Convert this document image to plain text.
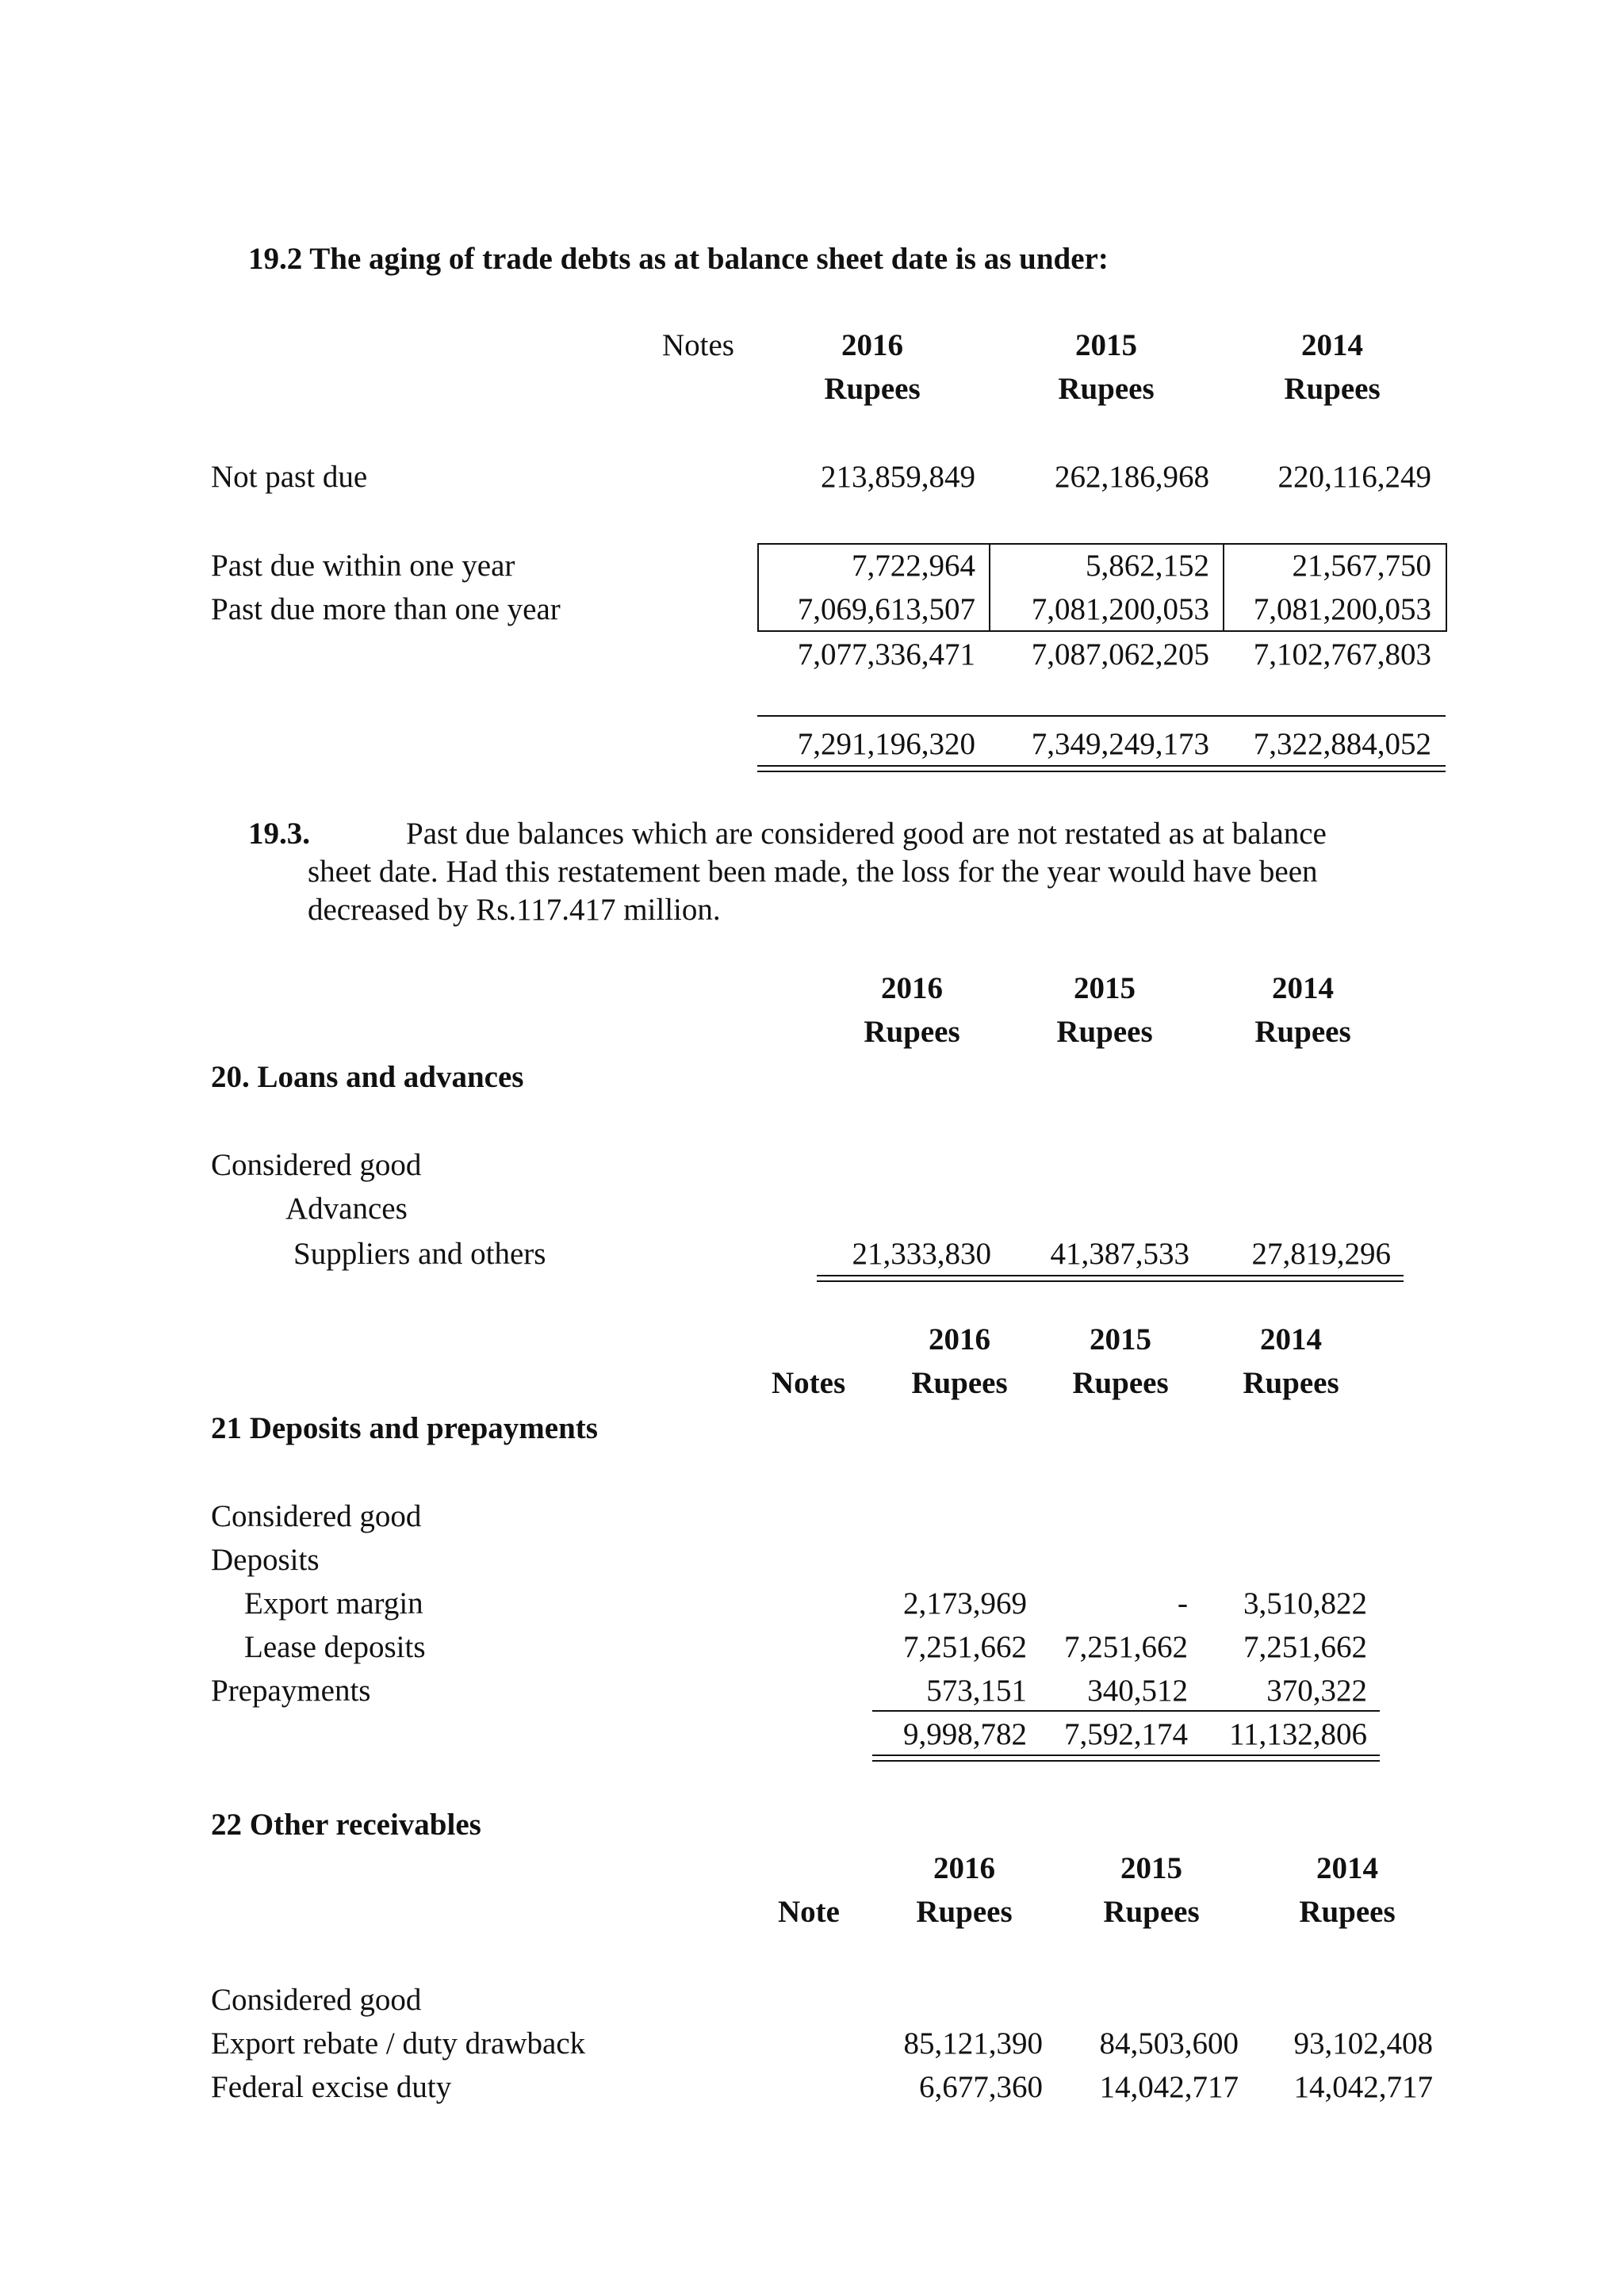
19.2 The aging of trade debts as at balance sheet date is as under:
Notes	2016	2015	2014
Rupees	Rupees	Rupees
Not past due	213,859,849	262,186,968	220,116,249
Past due within one year	7,722,964	5,862,152	21,567,750
Past due more than one year	7,069,613,507	7,081,200,053	7,081,200,053
7,077,336,471	7,087,062,205	7,102,767,803
7,291,196,320	7,349,249,173	7,322,884,052
19.3.	Past due balances which are considered good are not restated as at balance
sheet date. Had this restatement been made, the loss for the year would have been
decreased by Rs.117.417 million.
2016	2015	2014
Rupees	Rupees	Rupees
20. Loans and advances
Considered good
Advances
Suppliers and others	21,333,830	41,387,533	27,819,296
2016	2015	2014
Notes	Rupees	Rupees	Rupees
21 Deposits and prepayments
Considered good
Deposits
Export margin	2,173,969	-	3,510,822
Lease deposits	7,251,662	7,251,662	7,251,662
Prepayments	573,151	340,512	370,322
9,998,782	7,592,174	11,132,806
22 Other receivables
2016	2015	2014
Note	Rupees	Rupees	Rupees
Considered good
Export rebate / duty drawback	85,121,390	84,503,600	93,102,408
Federal excise duty	6,677,360	14,042,717	14,042,717
